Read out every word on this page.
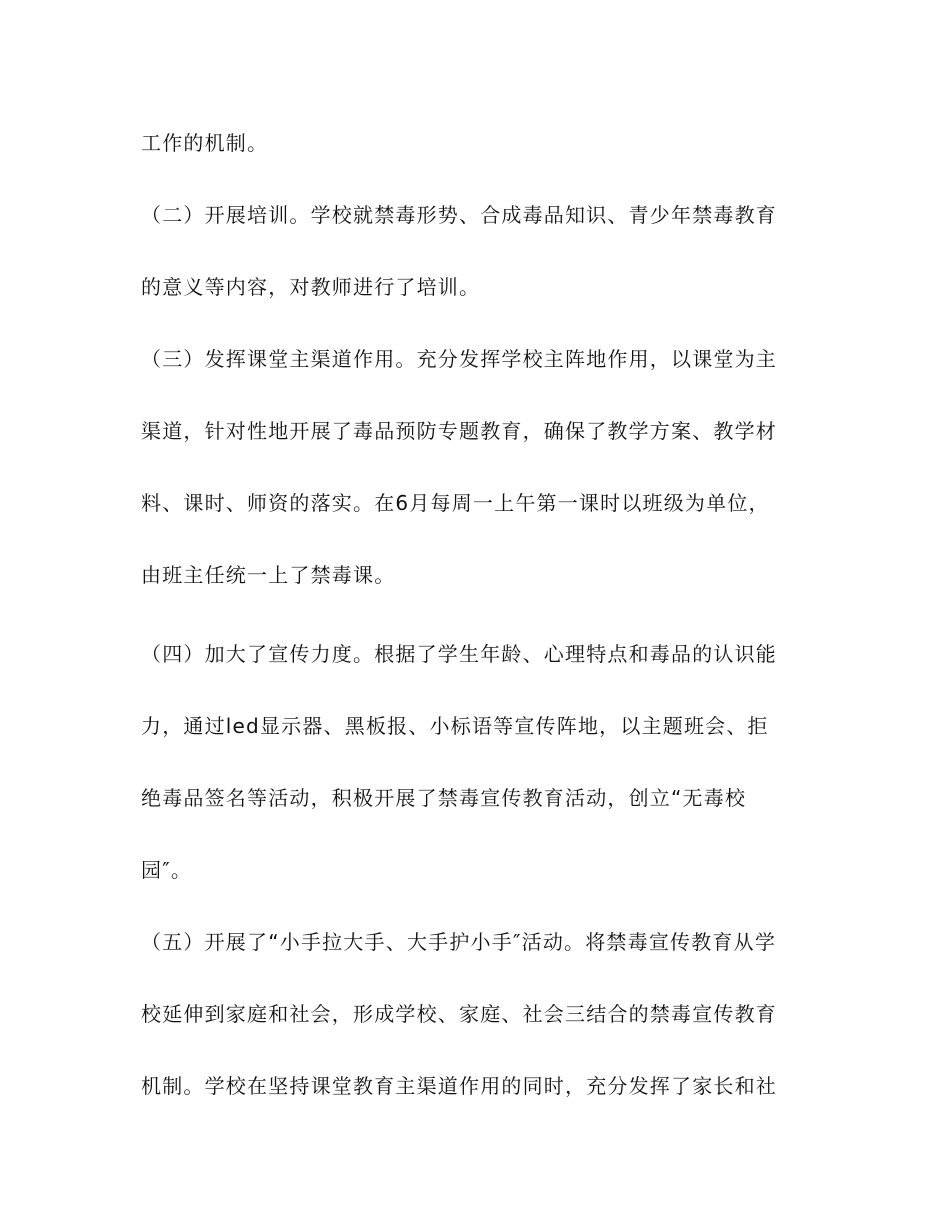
工作的机制。
（二）开展培训。学校就禁毒形势、合成毒品知识、青少年禁毒教育
的意义等内容，对教师进行了培训。
（三）发挥课堂主渠道作用。充分发挥学校主阵地作用，以课堂为主
渠道，针对性地开展了毒品预防专题教育，确保了教学方案、教学材
料、课时、师资的落实。在6月每周一上午第一课时以班级为单位，
由班主任统一上了禁毒课。
（四）加大了宣传力度。根据了学生年龄、心理特点和毒品的认识能
力，通过led显示器、黑板报、小标语等宣传阵地，以主题班会、拒
绝毒品签名等活动，积极开展了禁毒宣传教育活动，创立“无毒校
园″。
（五）开展了“小手拉大手、大手护小手″活动。将禁毒宣传教育从学
校延伸到家庭和社会，形成学校、家庭、社会三结合的禁毒宣传教育
机制。学校在坚持课堂教育主渠道作用的同时，充分发挥了家长和社
